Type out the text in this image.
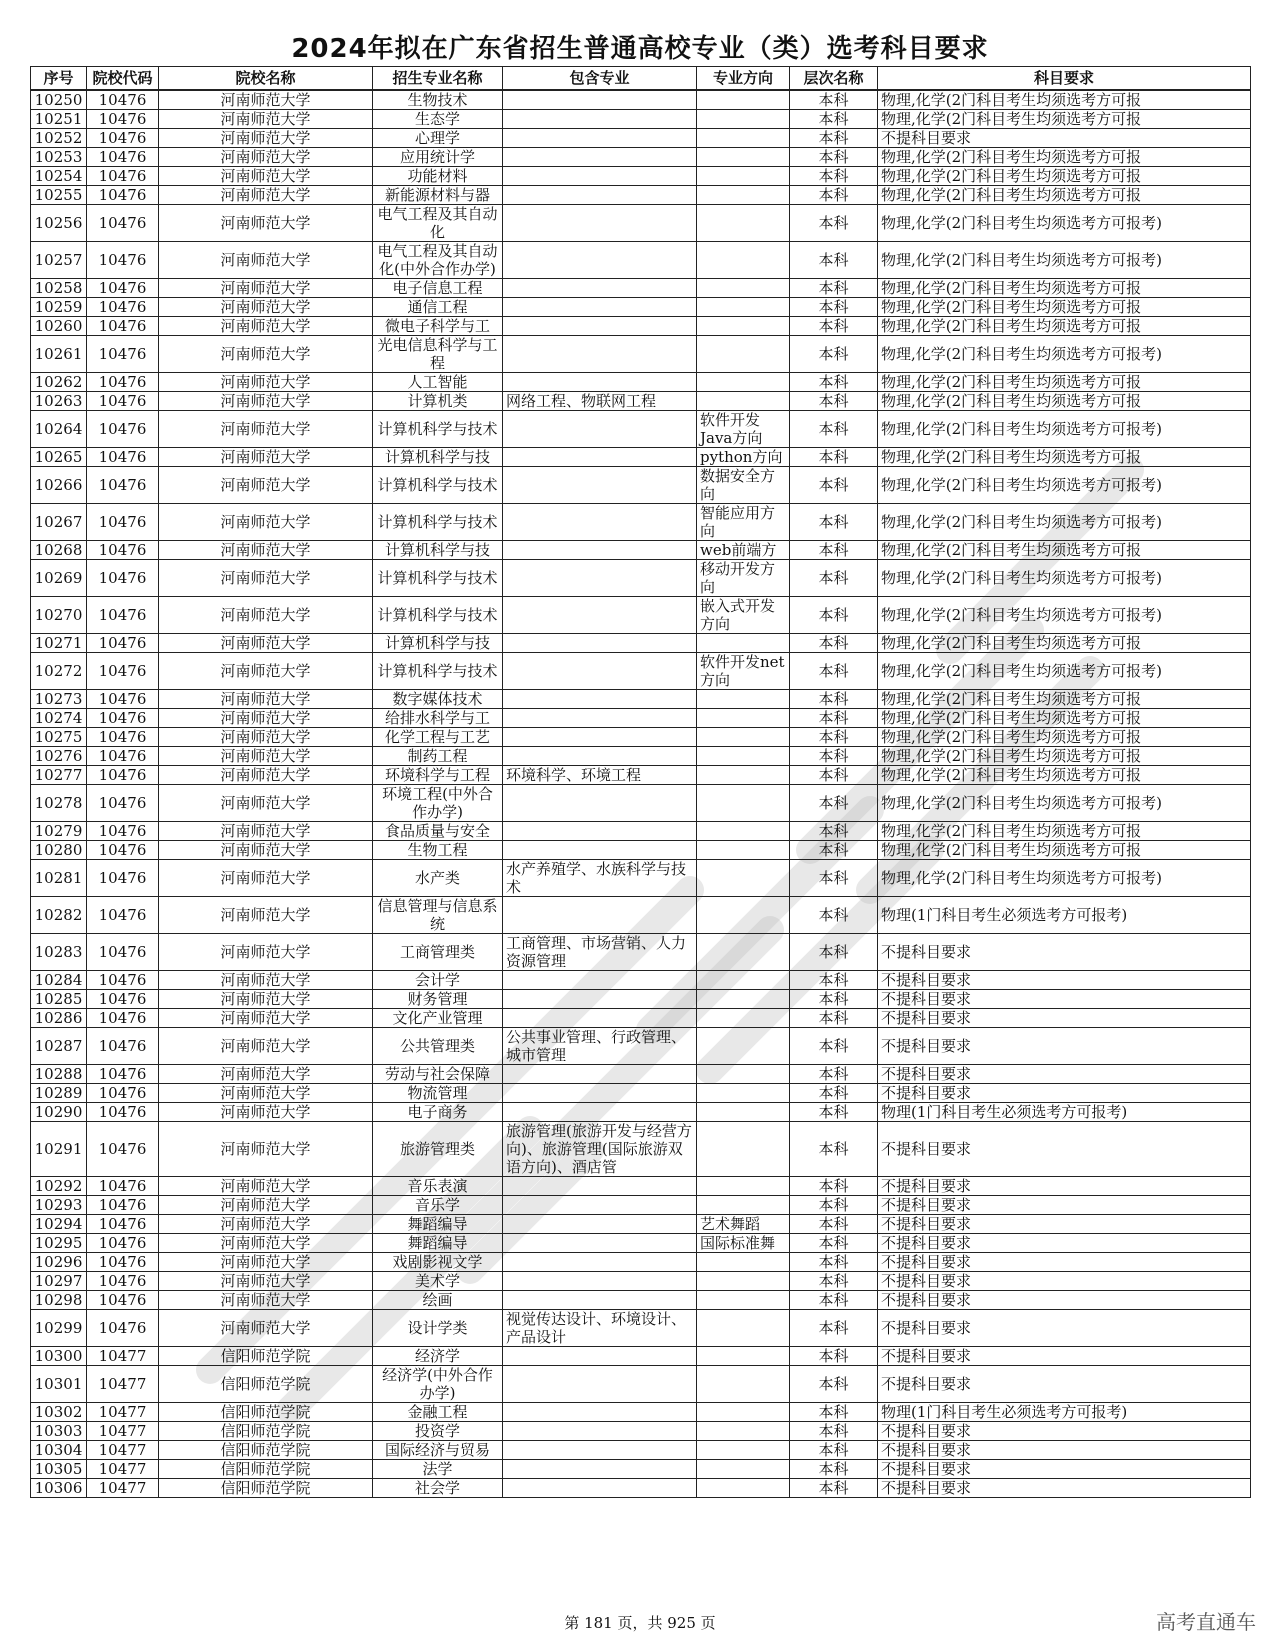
2024年拟在广东省招生普通高校专业（类）选考科目要求
序号	院校代码	院校名称	招生专业名称	包含专业	专业方向	层次名称	科目要求
10250	10476	河南师范大学	生物技术			本科	物理,化学(2门科目考生均须选考方可报
10251	10476	河南师范大学	生态学			本科	物理,化学(2门科目考生均须选考方可报
10252	10476	河南师范大学	心理学			本科	不提科目要求
10253	10476	河南师范大学	应用统计学			本科	物理,化学(2门科目考生均须选考方可报
10254	10476	河南师范大学	功能材料			本科	物理,化学(2门科目考生均须选考方可报
10255	10476	河南师范大学	新能源材料与器			本科	物理,化学(2门科目考生均须选考方可报
10256	10476	河南师范大学	电气工程及其自动化			本科	物理,化学(2门科目考生均须选考方可报考)
10257	10476	河南师范大学	电气工程及其自动化(中外合作办学)			本科	物理,化学(2门科目考生均须选考方可报考)
10258	10476	河南师范大学	电子信息工程			本科	物理,化学(2门科目考生均须选考方可报
10259	10476	河南师范大学	通信工程			本科	物理,化学(2门科目考生均须选考方可报
10260	10476	河南师范大学	微电子科学与工			本科	物理,化学(2门科目考生均须选考方可报
10261	10476	河南师范大学	光电信息科学与工程			本科	物理,化学(2门科目考生均须选考方可报考)
10262	10476	河南师范大学	人工智能			本科	物理,化学(2门科目考生均须选考方可报
10263	10476	河南师范大学	计算机类	网络工程、物联网工程		本科	物理,化学(2门科目考生均须选考方可报
10264	10476	河南师范大学	计算机科学与技术		软件开发Java方向	本科	物理,化学(2门科目考生均须选考方可报考)
10265	10476	河南师范大学	计算机科学与技		python方向	本科	物理,化学(2门科目考生均须选考方可报
10266	10476	河南师范大学	计算机科学与技术		数据安全方向	本科	物理,化学(2门科目考生均须选考方可报考)
10267	10476	河南师范大学	计算机科学与技术		智能应用方向	本科	物理,化学(2门科目考生均须选考方可报考)
10268	10476	河南师范大学	计算机科学与技		web前端方	本科	物理,化学(2门科目考生均须选考方可报
10269	10476	河南师范大学	计算机科学与技术		移动开发方向	本科	物理,化学(2门科目考生均须选考方可报考)
10270	10476	河南师范大学	计算机科学与技术		嵌入式开发方向	本科	物理,化学(2门科目考生均须选考方可报考)
10271	10476	河南师范大学	计算机科学与技			本科	物理,化学(2门科目考生均须选考方可报
10272	10476	河南师范大学	计算机科学与技术		软件开发net方向	本科	物理,化学(2门科目考生均须选考方可报考)
10273	10476	河南师范大学	数字媒体技术			本科	物理,化学(2门科目考生均须选考方可报
10274	10476	河南师范大学	给排水科学与工			本科	物理,化学(2门科目考生均须选考方可报
10275	10476	河南师范大学	化学工程与工艺			本科	物理,化学(2门科目考生均须选考方可报
10276	10476	河南师范大学	制药工程			本科	物理,化学(2门科目考生均须选考方可报
10277	10476	河南师范大学	环境科学与工程	环境科学、环境工程		本科	物理,化学(2门科目考生均须选考方可报
10278	10476	河南师范大学	环境工程(中外合作办学)			本科	物理,化学(2门科目考生均须选考方可报考)
10279	10476	河南师范大学	食品质量与安全			本科	物理,化学(2门科目考生均须选考方可报
10280	10476	河南师范大学	生物工程			本科	物理,化学(2门科目考生均须选考方可报
10281	10476	河南师范大学	水产类	水产养殖学、水族科学与技术		本科	物理,化学(2门科目考生均须选考方可报考)
10282	10476	河南师范大学	信息管理与信息系统			本科	物理(1门科目考生必须选考方可报考)
10283	10476	河南师范大学	工商管理类	工商管理、市场营销、人力资源管理		本科	不提科目要求
10284	10476	河南师范大学	会计学			本科	不提科目要求
10285	10476	河南师范大学	财务管理			本科	不提科目要求
10286	10476	河南师范大学	文化产业管理			本科	不提科目要求
10287	10476	河南师范大学	公共管理类	公共事业管理、行政管理、城市管理		本科	不提科目要求
10288	10476	河南师范大学	劳动与社会保障			本科	不提科目要求
10289	10476	河南师范大学	物流管理			本科	不提科目要求
10290	10476	河南师范大学	电子商务			本科	物理(1门科目考生必须选考方可报考)
10291	10476	河南师范大学	旅游管理类	旅游管理(旅游开发与经营方向)、旅游管理(国际旅游双语方向)、酒店管		本科	不提科目要求
10292	10476	河南师范大学	音乐表演			本科	不提科目要求
10293	10476	河南师范大学	音乐学			本科	不提科目要求
10294	10476	河南师范大学	舞蹈编导		艺术舞蹈	本科	不提科目要求
10295	10476	河南师范大学	舞蹈编导		国际标准舞	本科	不提科目要求
10296	10476	河南师范大学	戏剧影视文学			本科	不提科目要求
10297	10476	河南师范大学	美术学			本科	不提科目要求
10298	10476	河南师范大学	绘画			本科	不提科目要求
10299	10476	河南师范大学	设计学类	视觉传达设计、环境设计、产品设计		本科	不提科目要求
10300	10477	信阳师范学院	经济学			本科	不提科目要求
10301	10477	信阳师范学院	经济学(中外合作办学)			本科	不提科目要求
10302	10477	信阳师范学院	金融工程			本科	物理(1门科目考生必须选考方可报考)
10303	10477	信阳师范学院	投资学			本科	不提科目要求
10304	10477	信阳师范学院	国际经济与贸易			本科	不提科目要求
10305	10477	信阳师范学院	法学			本科	不提科目要求
10306	10477	信阳师范学院	社会学			本科	不提科目要求
第 181 页，共 925 页	高考直通车
